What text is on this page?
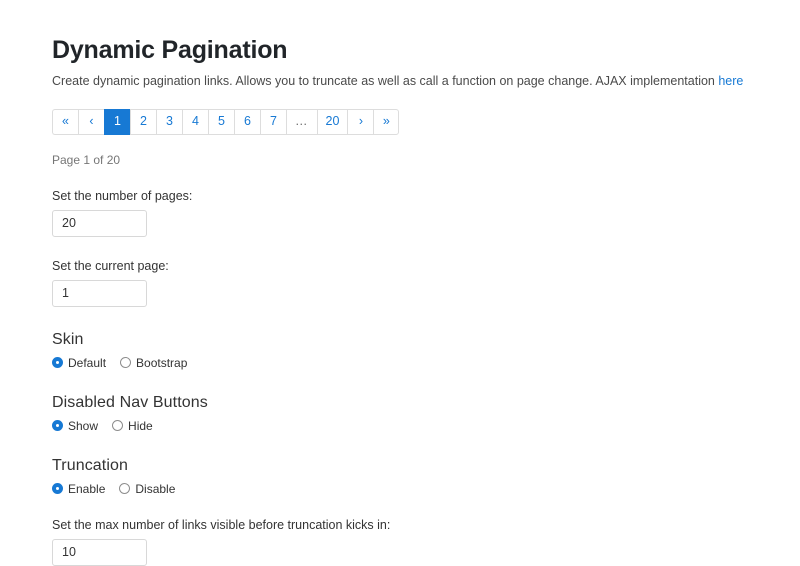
Dynamic Pagination

Create dynamic pagination links. Allows you to truncate as well as call a function on page change. AJAX implementation here

«	‹	1	2	3	4	5	6	7	…	20	›	»
Page 1 of 20
Set the number of pages:
20
Set the current page:
1
Skin
Default	Bootstrap
Disabled Nav Buttons
Show	Hide
Truncation
Enable	Disable
Set the max number of links visible before truncation kicks in:
10
